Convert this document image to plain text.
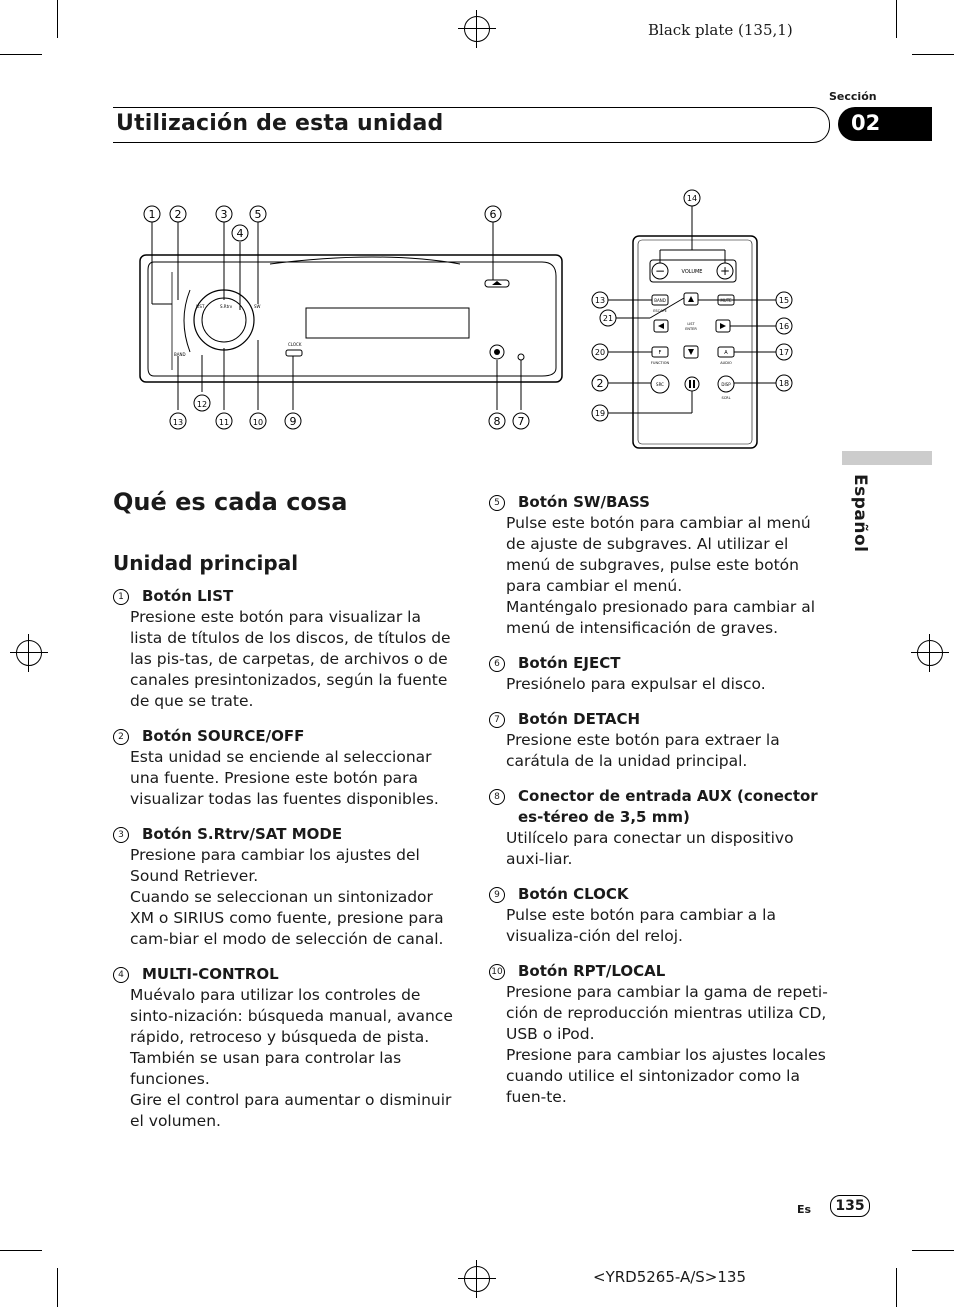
Black plate (135,1)
Sección
Utilización de esta unidad	02
Español
CLOCK
LIST
BAND
S.Rtrv	SW
1 2	3 5
4
6
12
13	11	10 9	8 7
−	+
VOLUME
BAND
ESCAPE
MUTE
LIST
ENTER
F
FUNCTION
A
AUDIO
SRC	DISP
SCRL
14
13
21
20
2
19
15
16
17
18
Qué es cada cosa
Unidad principal
1	Botón LIST

Presione este botón para visualizar la lista de títulos de los discos, de títulos de las pis-tas, de carpetas, de archivos o de canales presintonizados, según la fuente de que se trate.

2	Botón SOURCE/OFF

Esta unidad se enciende al seleccionar una fuente. Presione este botón para visualizar todas las fuentes disponibles.

3	Botón S.Rtrv/SAT MODE

Presione para cambiar los ajustes del Sound Retriever.

Cuando se seleccionan un sintonizador XM o SIRIUS como fuente, presione para cam-biar el modo de selección de canal.

4	MULTI-CONTROL

Muévalo para utilizar los controles de sinto-nización: búsqueda manual, avance rápido, retroceso y búsqueda de pista. También se usan para controlar las funciones.

Gire el control para aumentar o disminuir el volumen.

5	Botón SW/BASS

Pulse este botón para cambiar al menú de ajuste de subgraves. Al utilizar el menú de subgraves, pulse este botón para cambiar el menú.

Manténgalo presionado para cambiar al menú de intensificación de graves.

6	Botón EJECT

Presiónelo para expulsar el disco.

7	Botón DETACH

Presione este botón para extraer la carátula de la unidad principal.

8	Conector de entrada AUX (conector es-téreo de 3,5 mm)

Utilícelo para conectar un dispositivo auxi-liar.

9	Botón CLOCK

Pulse este botón para cambiar a la visualiza-ción del reloj.

10 Botón RPT/LOCAL

Presione para cambiar la gama de repeti-ción de reproducción mientras utiliza CD, USB o iPod.

Presione para cambiar los ajustes locales cuando utilice el sintonizador como la fuen-te.

Es	135
<YRD5265-A/S>135
